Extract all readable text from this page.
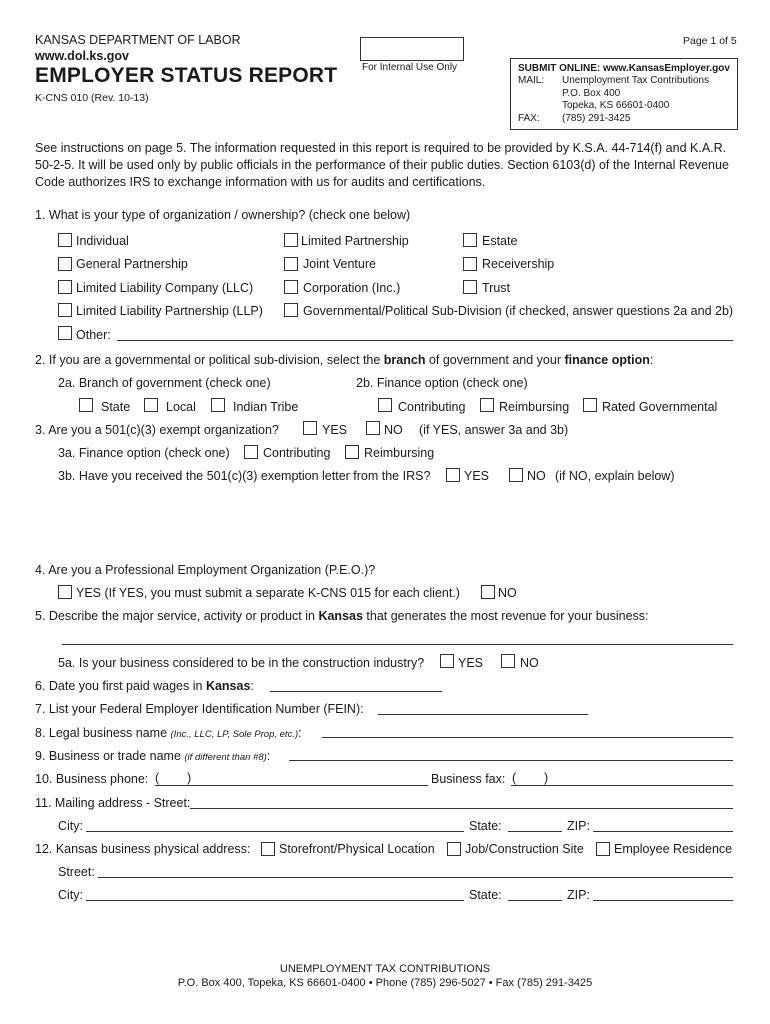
KANSAS DEPARTMENT OF LABOR
www.dol.ks.gov
EMPLOYER STATUS REPORT
K-CNS 010 (Rev. 10-13)
For Internal Use Only
Page 1 of 5
SUBMIT ONLINE: www.KansasEmployer.gov
MAIL:	Unemployment Tax Contributions
P.O. Box 400
Topeka, KS 66601-0400
FAX:	(785) 291-3425
See instructions on page 5. The information requested in this report is required to be provided by K.S.A. 44-714(f) and K.A.R. 50-2-5. It will be used only by public officials in the performance of their public duties. Section 6103(d) of the Internal Revenue Code authorizes IRS to exchange information with us for audits and certifications.
1. What is your type of organization / ownership? (check one below)
Individual	Limited Partnership	Estate
General Partnership	Joint Venture	Receivership
Limited Liability Company (LLC)	Corporation (Inc.)	Trust
Limited Liability Partnership (LLP)	Governmental/Political Sub-Division (if checked, answer questions 2a and 2b)
Other:
2. If you are a governmental or political sub-division, select the branch of government and your finance option:
2a. Branch of government (check one)	2b. Finance option (check one)
State	Local	Indian Tribe	Contributing	Reimbursing	Rated Governmental
3. Are you a 501(c)(3) exempt organization?	YES	NO (if YES, answer 3a and 3b)
3a. Finance option (check one)	Contributing	Reimbursing
3b. Have you received the 501(c)(3) exemption letter from the IRS?	YES	NO (if NO, explain below)
4. Are you a Professional Employment Organization (P.E.O.)?
YES (If YES, you must submit a separate K-CNS 015 for each client.)	NO
5. Describe the major service, activity or product in Kansas that generates the most revenue for your business:
5a. Is your business considered to be in the construction industry?	YES	NO
6. Date you first paid wages in Kansas:
7. List your Federal Employer Identification Number (FEIN):
8. Legal business name (Inc., LLC, LP, Sole Prop, etc.):
9. Business or trade name (if different than #8):
10. Business phone: ( )	Business fax: ( )
11. Mailing address - Street:
City:	State:	ZIP:
12. Kansas business physical address: Storefront/Physical Location Job/Construction Site Employee Residence
Street:
City:	State:	ZIP:
UNEMPLOYMENT TAX CONTRIBUTIONS
P.O. Box 400, Topeka, KS 66601-0400 • Phone (785) 296-5027 • Fax (785) 291-3425
